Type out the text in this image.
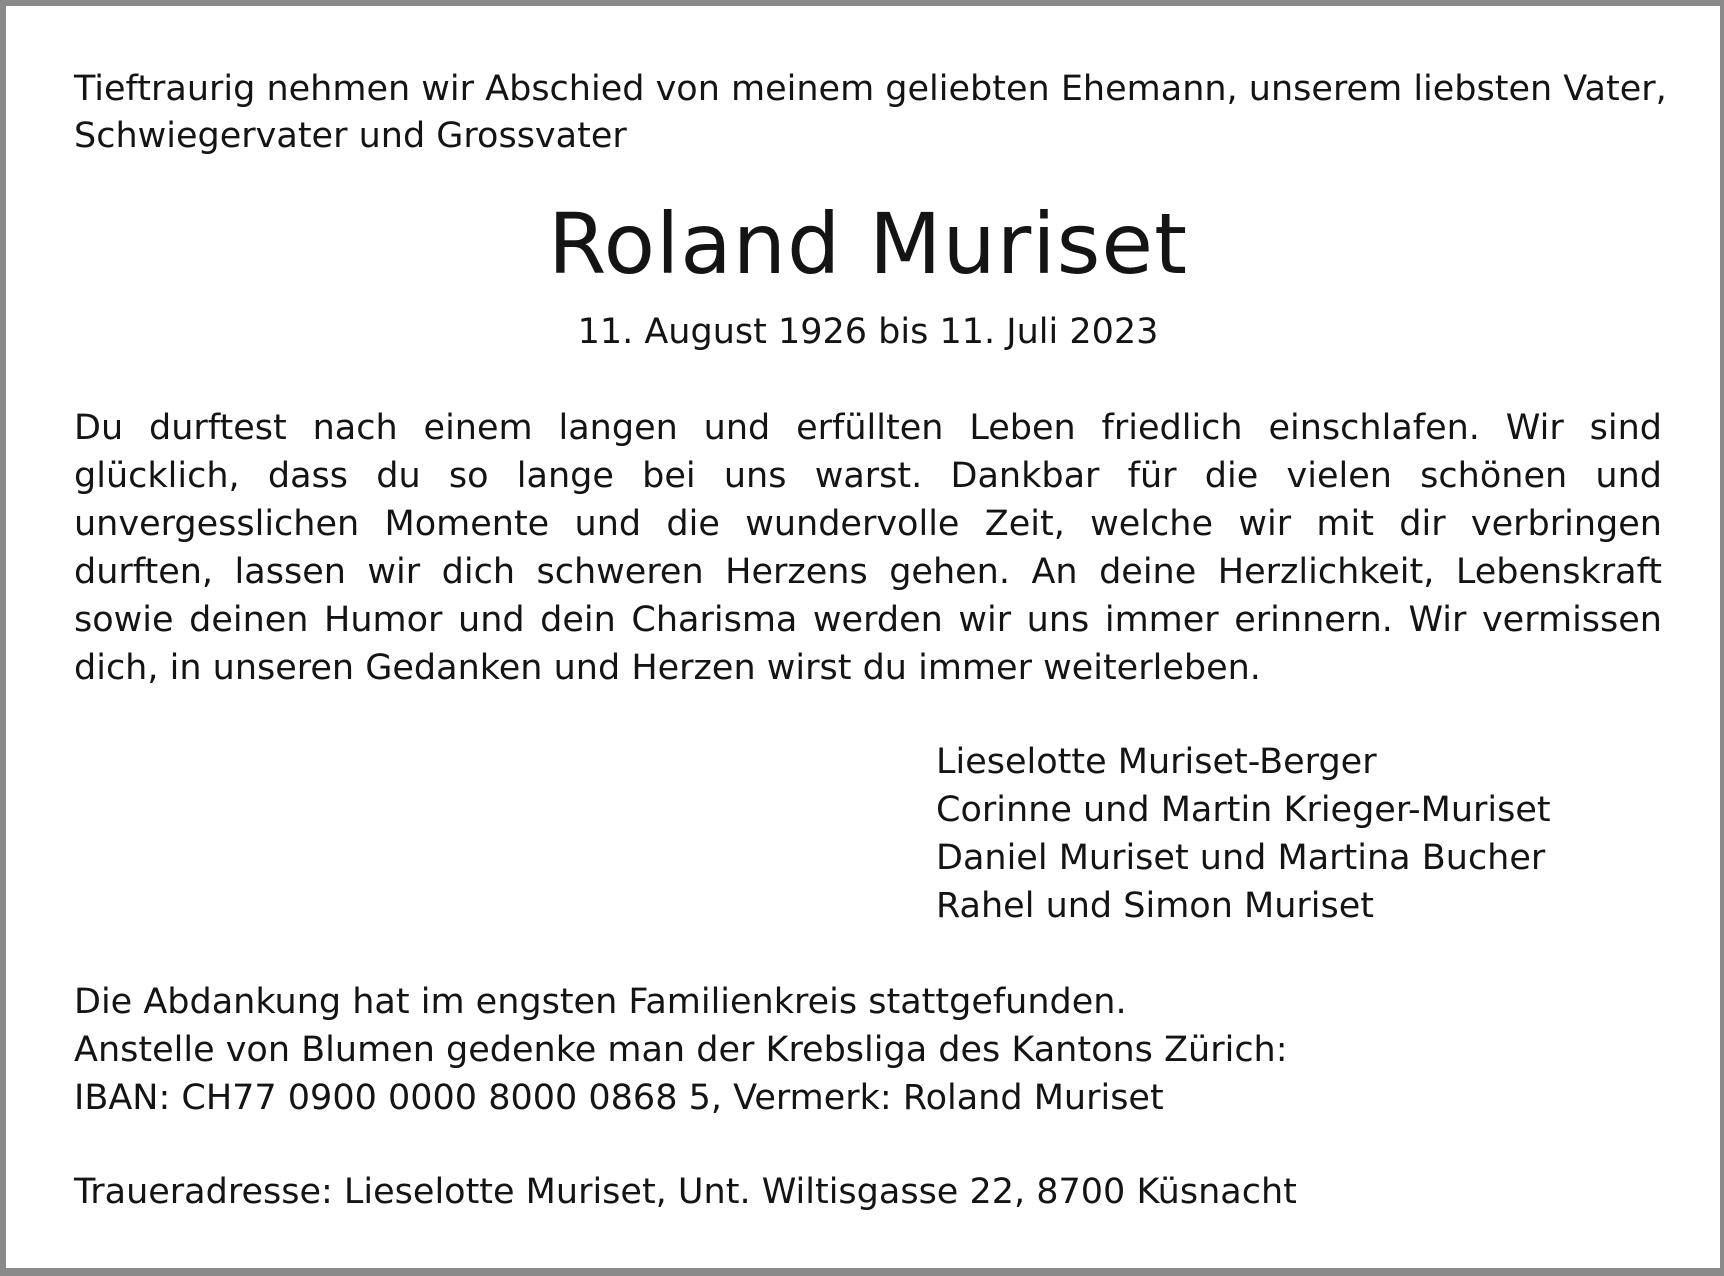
Tieftraurig nehmen wir Abschied von meinem geliebten Ehemann, unserem liebsten Vater, Schwiegervater und Grossvater

Roland Muriset

11. August 1926 bis 11. Juli 2023

Du durftest nach einem langen und erfüllten Leben friedlich einschlafen. Wir sind glücklich, dass du so lange bei uns warst. Dankbar für die vielen schönen und unvergesslichen Momente und die wundervolle Zeit, welche wir mit dir verbringen durften, lassen wir dich schweren Herzens gehen. An deine Herzlichkeit, Lebenskraft sowie deinen Humor und dein Charisma werden wir uns immer erinnern. Wir vermissen dich, in unseren Gedanken und Herzen wirst du immer weiterleben.

Lieselotte Muriset-Berger
Corinne und Martin Krieger-Muriset
Daniel Muriset und Martina Bucher
Rahel und Simon Muriset

Die Abdankung hat im engsten Familienkreis stattgefunden.
Anstelle von Blumen gedenke man der Krebsliga des Kantons Zürich:
IBAN: CH77 0900 0000 8000 0868 5, Vermerk: Roland Muriset

Traueradresse: Lieselotte Muriset, Unt. Wiltisgasse 22, 8700 Küsnacht
